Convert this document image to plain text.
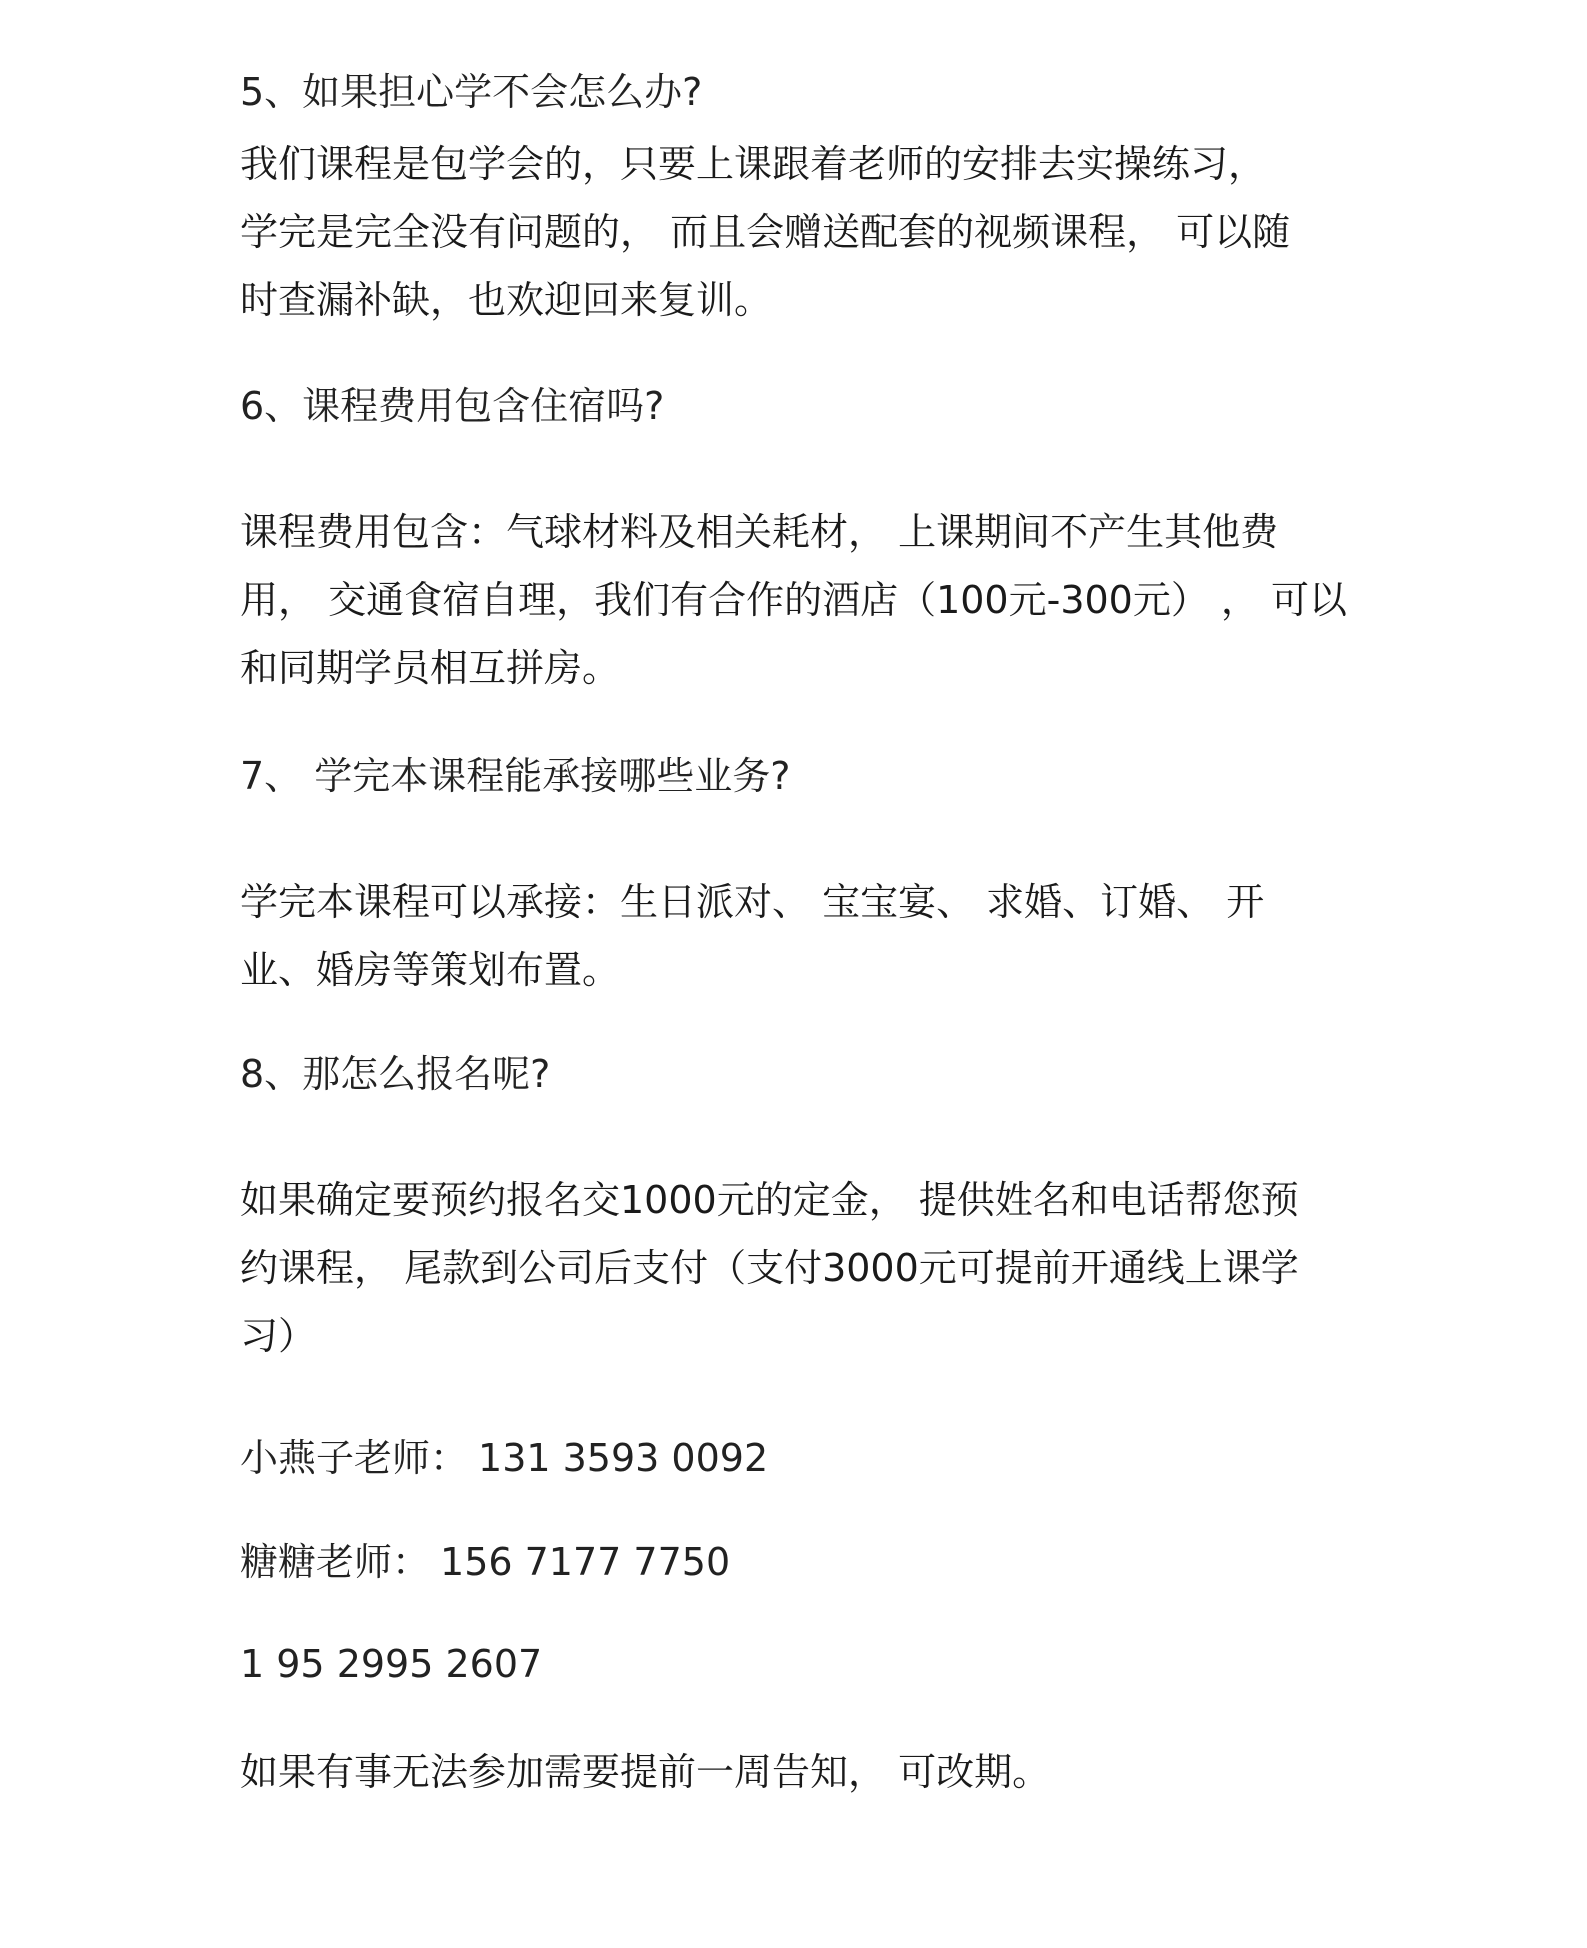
5、如果担心学不会怎么办?
我们课程是包学会的，只要上课跟着老师的安排去实操练习，
学完是完全没有问题的， 而且会赠送配套的视频课程， 可以随
时查漏补缺，也欢迎回来复训。
6、课程费用包含住宿吗?
课程费用包含：气球材料及相关耗材， 上课期间不产生其他费
用， 交通食宿自理，我们有合作的酒店（100元-300元） ， 可以
和同期学员相互拼房。
7、 学完本课程能承接哪些业务?
学完本课程可以承接：生日派对、 宝宝宴、 求婚、订婚、 开
业、婚房等策划布置。
8、那怎么报名呢?
如果确定要预约报名交1000元的定金， 提供姓名和电话帮您预
约课程， 尾款到公司后支付（支付3000元可提前开通线上课学
习）
小燕子老师： 131 3593 0092
糖糖老师： 156 7177 7750
1 95 2995 2607
如果有事无法参加需要提前一周告知， 可改期。
